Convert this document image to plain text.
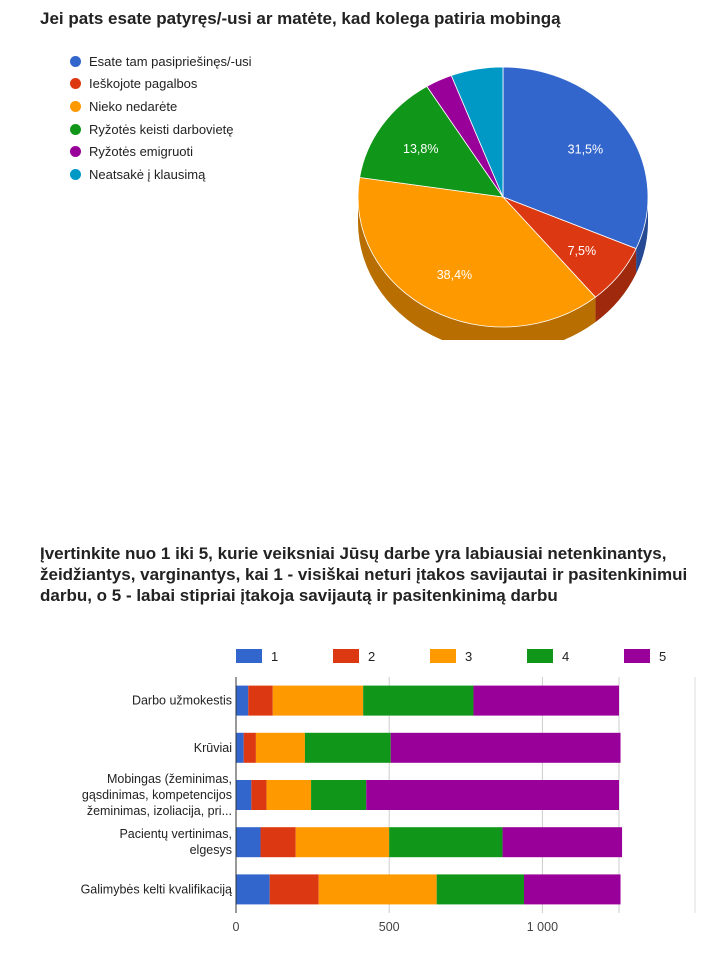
Jei pats esate patyręs/-usi ar matėte, kad kolega patiria mobingą
Esate tam pasipriešinęs/-usi
Ieškojote pagalbos
Nieko nedarėte
Ryžotės keisti darbovietę
Ryžotės emigruoti
Neatsakė į klausimą
31,5%
7,5%
38,4%
13,8%
Įvertinkite nuo 1 iki 5, kurie veiksniai Jūsų darbe yra labiausiai netenkinantys, žeidžiantys, varginantys, kai 1 - visiškai neturi įtakos savijautai ir pasitenkinimui darbu, o 5 - labai stipriai įtakoja savijautą ir pasitenkinimą darbu
1	2	3	4	5
Darbo užmokestis
Krūviai
Mobingas (žeminimas,
gąsdinimas, kompetencijos
žeminimas, izoliacija, pri...
Pacientų vertinimas,
elgesys
Galimybės kelti kvalifikaciją
0	500	1 000
